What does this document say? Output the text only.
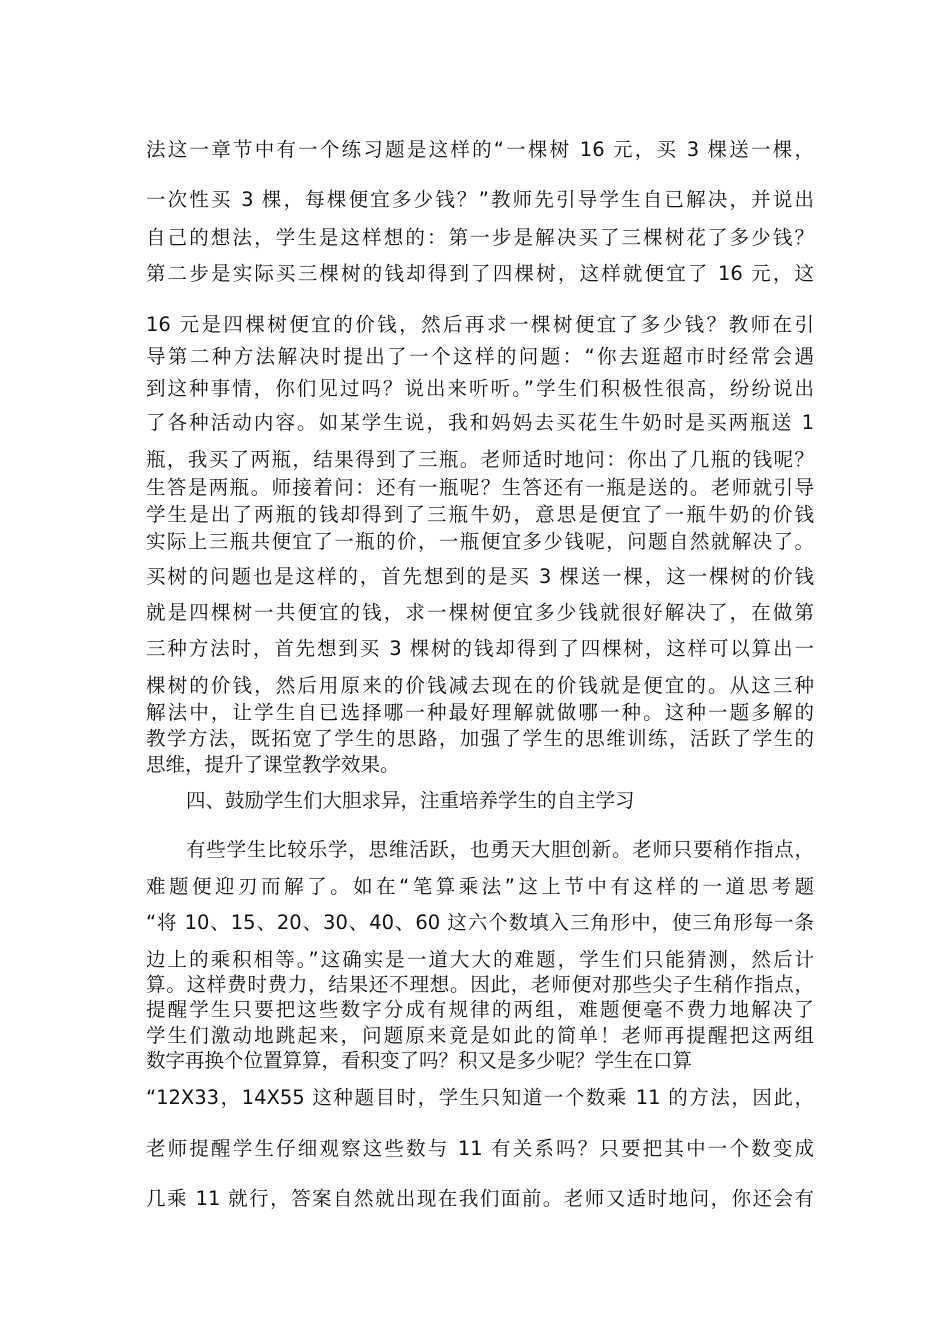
法这一章节中有一个练习题是这样的“一棵树 16 元，买 3 棵送一棵，
一次性买 3 棵，每棵便宜多少钱？”教师先引导学生自已解决，并说出
自己的想法，学生是这样想的：第一步是解决买了三棵树花了多少钱？
第二步是实际买三棵树的钱却得到了四棵树，这样就便宜了 16 元，这
16 元是四棵树便宜的价钱，然后再求一棵树便宜了多少钱？教师在引
导第二种方法解决时提出了一个这样的问题：“你去逛超市时经常会遇
到这种事情，你们见过吗？说出来听听。”学生们积极性很高，纷纷说出
了各种活动内容。如某学生说，我和妈妈去买花生牛奶时是买两瓶送 1
瓶，我买了两瓶，结果得到了三瓶。老师适时地问：你出了几瓶的钱呢？
生答是两瓶。师接着问：还有一瓶呢？生答还有一瓶是送的。老师就引导
学生是出了两瓶的钱却得到了三瓶牛奶，意思是便宜了一瓶牛奶的价钱
实际上三瓶共便宜了一瓶的价，一瓶便宜多少钱呢，问题自然就解决了。
买树的问题也是这样的，首先想到的是买 3 棵送一棵，这一棵树的价钱
就是四棵树一共便宜的钱，求一棵树便宜多少钱就很好解决了，在做第
三种方法时，首先想到买 3 棵树的钱却得到了四棵树，这样可以算出一
棵树的价钱，然后用原来的价钱减去现在的价钱就是便宜的。从这三种
解法中，让学生自已选择哪一种最好理解就做哪一种。这种一题多解的
教学方法，既拓宽了学生的思路，加强了学生的思维训练，活跃了学生的
思维，提升了课堂教学效果。
四、鼓励学生们大胆求异，注重培养学生的自主学习
有些学生比较乐学，思维活跃，也勇天大胆创新。老师只要稍作指点，
难题便迎刃而解了。如在“笔算乘法”这上节中有这样的一道思考题
“将 10、15、20、30、40、60 这六个数填入三角形中，使三角形每一条
边上的乘积相等。”这确实是一道大大的难题，学生们只能猜测，然后计
算。这样费时费力，结果还不理想。因此，老师便对那些尖子生稍作指点，
提醒学生只要把这些数字分成有规律的两组，难题便毫不费力地解决了
学生们激动地跳起来，问题原来竟是如此的简单！老师再提醒把这两组
数字再换个位置算算，看积变了吗？积又是多少呢？学生在口算
“12X33，14X55 这种题目时，学生只知道一个数乘 11 的方法，因此，
老师提醒学生仔细观察这些数与 11 有关系吗？只要把其中一个数变成
几乘 11 就行，答案自然就出现在我们面前。老师又适时地问，你还会有
